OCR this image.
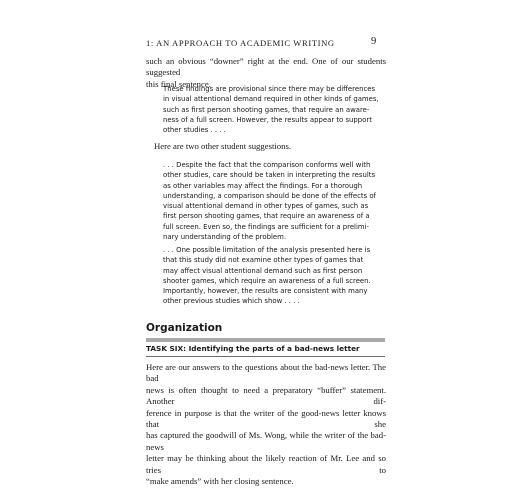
1: AN APPROACH TO ACADEMIC WRITING	9

such an obvious “downer” right at the end. One of our students suggested
this final sentence.

These findings are provisional since there may be differences
in visual attentional demand required in other kinds of games,
such as first person shooting games, that require an aware-
ness of a full screen. However, the results appear to support
other studies . . . .

Here are two other student suggestions.

. . . Despite the fact that the comparison conforms well with
other studies, care should be taken in interpreting the results
as other variables may affect the findings. For a thorough
understanding, a comparison should be done of the effects of
visual attentional demand in other types of games, such as
first person shooting games, that require an awareness of a
full screen. Even so, the findings are sufficient for a prelimi-
nary understanding of the problem.

. . . One possible limitation of the analysis presented here is
that this study did not examine other types of games that
may affect visual attentional demand such as first person
shooter games, which require an awareness of a full screen.
Importantly, however, the results are consistent with many
other previous studies which show . . . .

Organization
TASK SIX: Identifying the parts of a bad-news letter

Here are our answers to the questions about the bad-news letter. The bad
news is often thought to need a preparatory “buffer” statement. Another dif-
ference in purpose is that the writer of the good-news letter knows that she
has captured the goodwill of Ms. Wong, while the writer of the bad-news
letter may be thinking about the likely reaction of Mr. Lee and so tries to
“make amends” with her closing sentence.
